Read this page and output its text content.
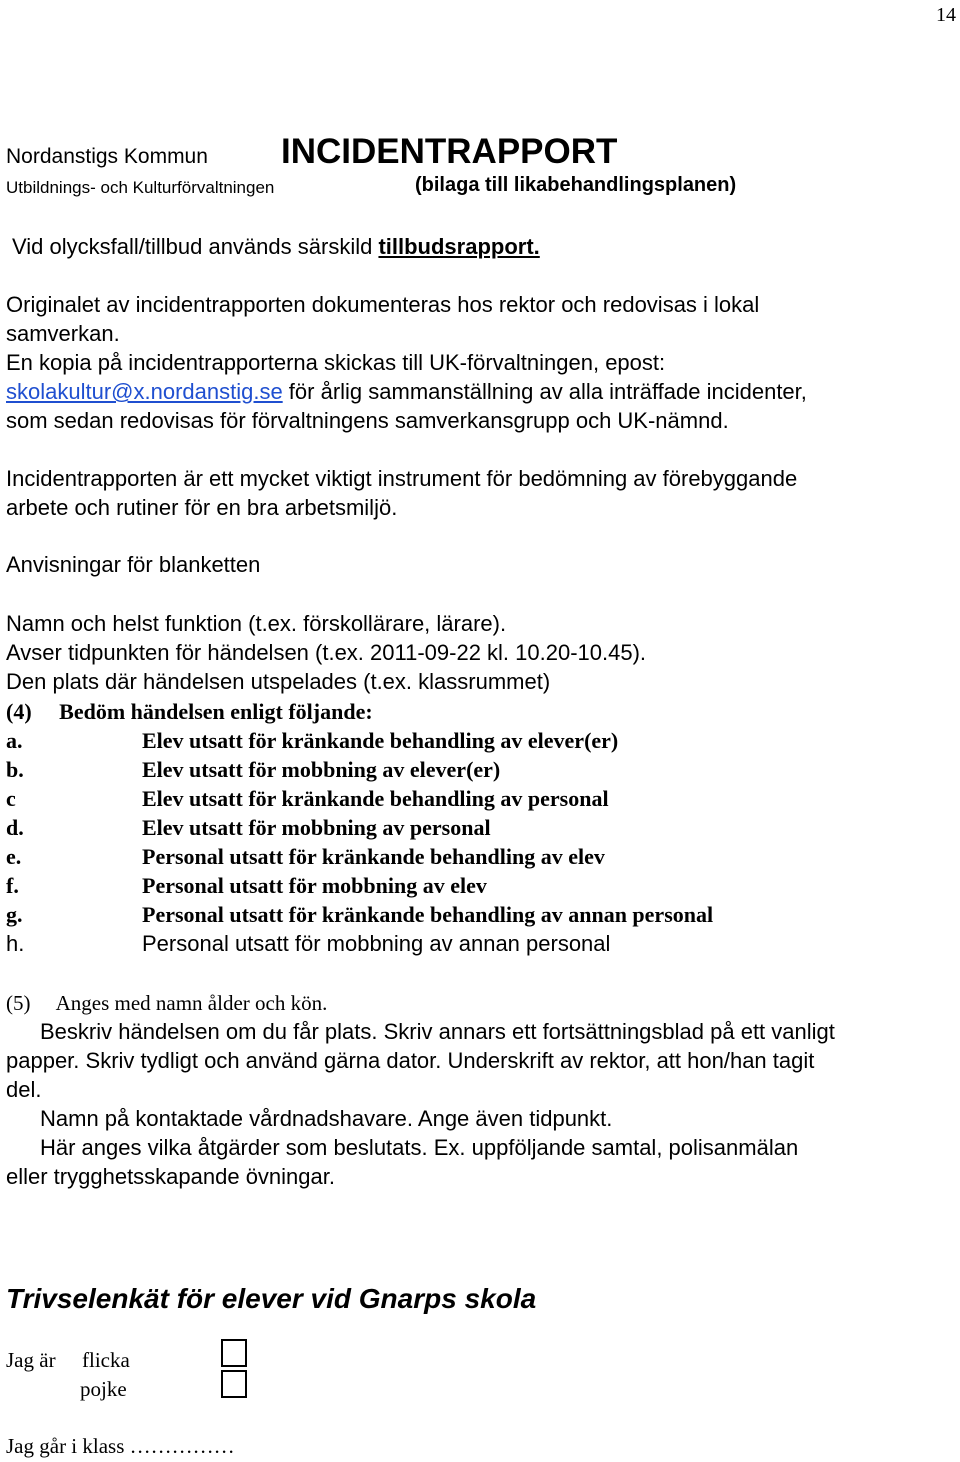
14
Nordanstigs Kommun INCIDENTRAPPORT
Utbildnings- och Kulturförvaltningen	(bilaga till likabehandlingsplanen)
Vid olycksfall/tillbud används särskild tillbudsrapport.
Originalet av incidentrapporten dokumenteras hos rektor och redovisas i lokal
samverkan.
En kopia på incidentrapporterna skickas till UK-förvaltningen, epost:
skolakultur@x.nordanstig.se för årlig sammanställning av alla inträffade incidenter,
som sedan redovisas för förvaltningens samverkansgrupp och UK-nämnd.
Incidentrapporten är ett mycket viktigt instrument för bedömning av förebyggande
arbete och rutiner för en bra arbetsmiljö.
Anvisningar för blanketten
Namn och helst funktion (t.ex. förskollärare, lärare).
Avser tidpunkten för händelsen (t.ex. 2011-09-22 kl. 10.20-10.45).
Den plats där händelsen utspelades (t.ex. klassrummet)
(4)     Bedöm händelsen enligt följande:
a.	Elev utsatt för kränkande behandling av elever(er)
b.	Elev utsatt för mobbning av elever(er)
c	Elev utsatt för kränkande behandling av personal
d.	Elev utsatt för mobbning av personal
e.	Personal utsatt för kränkande behandling av elev
f.	Personal utsatt för mobbning av elev
g.	Personal utsatt för kränkande behandling av annan personal
h.	Personal utsatt för mobbning av annan personal
(5)     Anges med namn ålder och kön.
Beskriv händelsen om du får plats. Skriv annars ett fortsättningsblad på ett vanligt
papper. Skriv tydligt och använd gärna dator. Underskrift av rektor, att hon/han tagit
del.
Namn på kontaktade vårdnadshavare. Ange även tidpunkt.
Här anges vilka åtgärder som beslutats. Ex. uppföljande samtal, polisanmälan
eller trygghetsskapande övningar.
Trivselenkät för elever vid Gnarps skola
Jag är flicka
pojke
Jag går i klass ……………
